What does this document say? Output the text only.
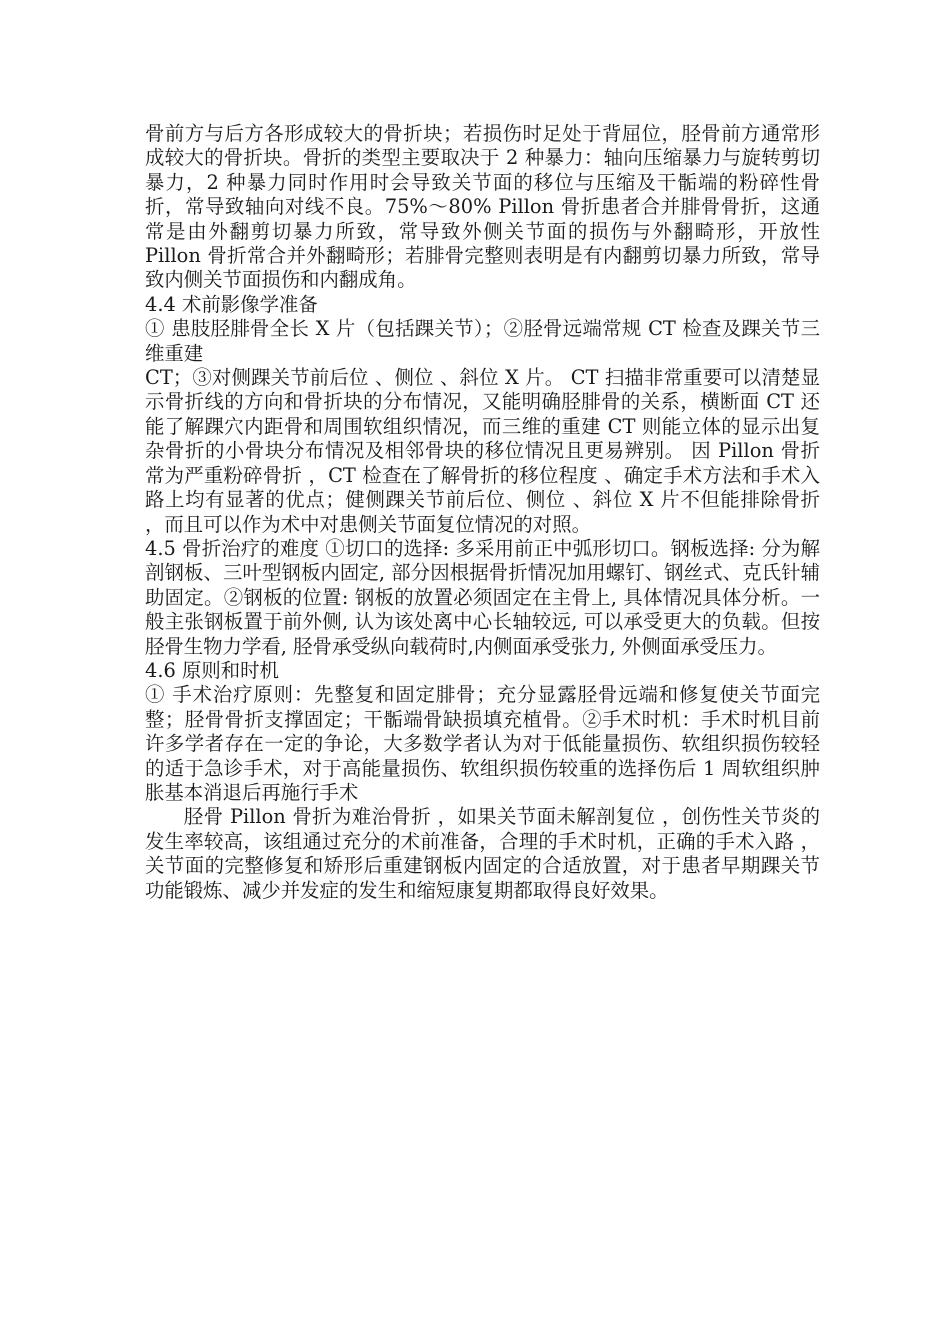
骨前方与后方各形成较大的骨折块；若损伤时足处于背屈位，胫骨前方通常形成较大的骨折块。骨折的类型主要取决于 2 种暴力：轴向压缩暴力与旋转剪切暴力，2 种暴力同时作用时会导致关节面的移位与压缩及干骺端的粉碎性骨折，常导致轴向对线不良。75%～80% Pillon 骨折患者合并腓骨骨折，这通常是由外翻剪切暴力所致，常导致外侧关节面的损伤与外翻畸形，开放性 Pillon 骨折常合并外翻畸形；若腓骨完整则表明是有内翻剪切暴力所致，常导致内侧关节面损伤和内翻成角。

4.4 术前影像学准备

① 患肢胫腓骨全长 X 片（包括踝关节）；②胫骨远端常规 CT 检查及踝关节三维重建

CT；③对侧踝关节前后位 、侧位 、斜位 X 片。 CT 扫描非常重要可以清楚显示骨折线的方向和骨折块的分布情况，又能明确胫腓骨的关系，横断面 CT 还能了解踝穴内距骨和周围软组织情况，而三维的重建 CT 则能立体的显示出复杂骨折的小骨块分布情况及相邻骨块的移位情况且更易辨别。 因 Pillon 骨折常为严重粉碎骨折 ，CT 检查在了解骨折的移位程度 、确定手术方法和手术入路上均有显著的优点；健侧踝关节前后位、侧位 、斜位 X 片不但能排除骨折 ，而且可以作为术中对患侧关节面复位情况的对照。

4.5 骨折治疗的难度 ①切口的选择: 多采用前正中弧形切口。钢板选择: 分为解剖钢板、三叶型钢板内固定, 部分因根据骨折情况加用螺钉、钢丝式、克氏针辅助固定。②钢板的位置: 钢板的放置必须固定在主骨上, 具体情况具体分析。一般主张钢板置于前外侧, 认为该处离中心长轴较远, 可以承受更大的负载。但按胫骨生物力学看, 胫骨承受纵向载荷时,内侧面承受张力, 外侧面承受压力。

4.6 原则和时机

① 手术治疗原则：先整复和固定腓骨；充分显露胫骨远端和修复使关节面完整；胫骨骨折支撑固定；干骺端骨缺损填充植骨。②手术时机：手术时机目前许多学者存在一定的争论，大多数学者认为对于低能量损伤、软组织损伤较轻的适于急诊手术，对于高能量损伤、软组织损伤较重的选择伤后 1 周软组织肿胀基本消退后再施行手术

胫骨 Pillon 骨折为难治骨折 ，如果关节面未解剖复位 ，创伤性关节炎的发生率较高，该组通过充分的术前准备，合理的手术时机，正确的手术入路 ，关节面的完整修复和矫形后重建钢板内固定的合适放置，对于患者早期踝关节功能锻炼、减少并发症的发生和缩短康复期都取得良好效果。
